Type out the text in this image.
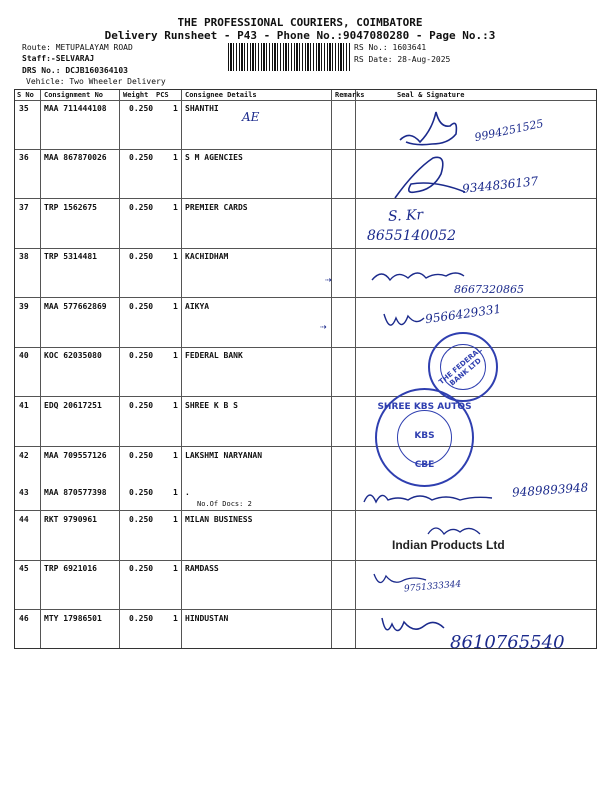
THE PROFESSIONAL COURIERS, COIMBATORE
Delivery Runsheet - P43 - Phone No.:9047080280 - Page No.:3
Route: METUPALAYAM ROAD
Staff:-SELVARAJ
DRS No.: DCJB160364103
Vehicle: Two Wheeler Delivery
RS No.: 1603641
RS Date: 28-Aug-2025
S No Consignment No	Weight PCS Consignee Details	Remarks	Seal & Signature
35 MAA 711444108	0.250 1 SHANTHI
36 MAA 867870026	0.250 1 S M AGENCIES
37 TRP 1562675	0.250 1 PREMIER CARDS
38 TRP 5314481	0.250 1 KACHIDHAM
39 MAA 577662869	0.250 1 AIKYA
40 KOC 62035080	0.250 1 FEDERAL BANK
41 EDQ 20617251	0.250 1 SHREE K B S
42 MAA 709557126	0.250 1 LAKSHMI NARYANAN
43 MAA 870577398	0.250 1 .
No.Of Docs: 2
44 RKT 9790961	0.250 1 MILAN BUSINESS
45 TRP 6921016	0.250 1 RAMDASS
46 MTY 17986501	0.250 1 HINDUSTAN
AE	9994251525
9344836137
S. Kr
8655140052
⇢
8667320865
⇢
9566429331
THE FEDERAL BANK LTD
SHREE KBS AUTOS
KBS
CBE
9489893948
Indian Products Ltd
9751333344
8610765540
